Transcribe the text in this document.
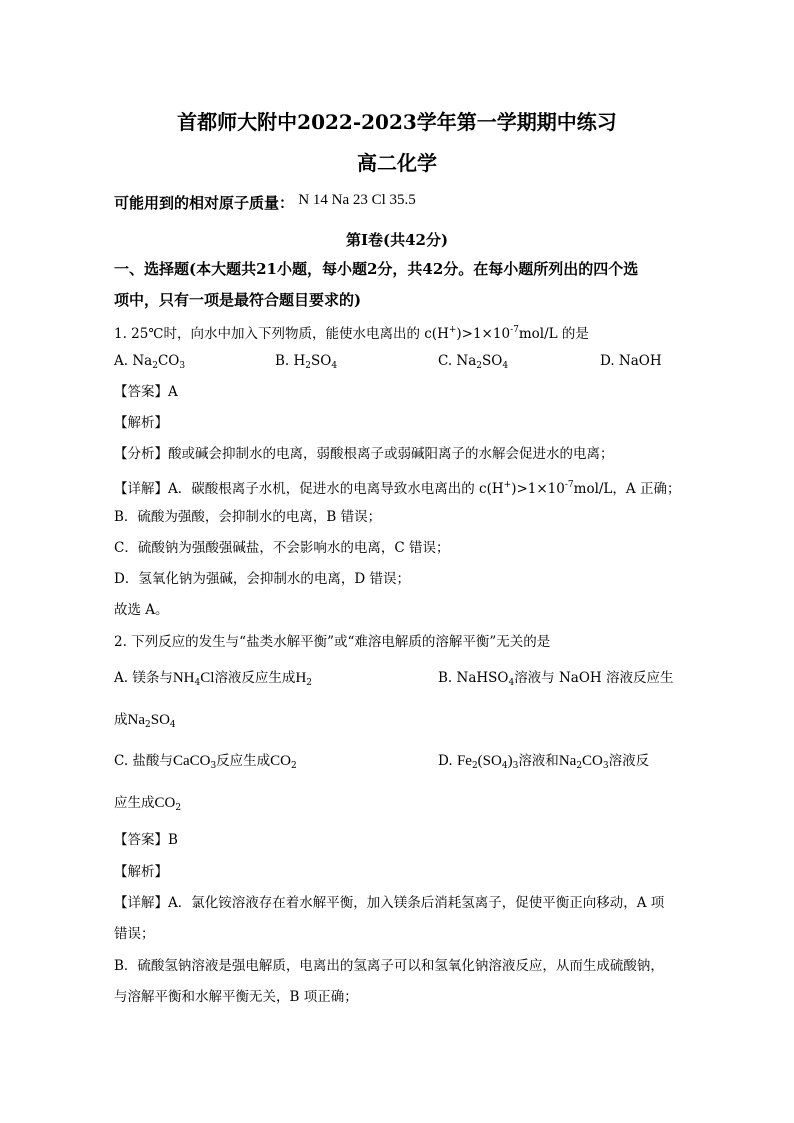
首都师大附中2022-2023学年第一学期期中练习
高二化学
可能用到的相对原子质量： N 14 Na 23 Cl 35.5
第I卷(共42分)
一、选择题(本大题共21小题，每小题2分，共42分。在每小题所列出的四个选
项中，只有一项是最符合题目要求的)
1. 25℃时，向水中加入下列物质，能使水电离出的 $c(H^+)>1\times 10^{-7}mol/L$ 的是
A. $Na_2CO_3$	B. $H_2SO_4$	C. $Na_2SO_4$	D. NaOH
【答案】A
【解析】
【分析】酸或碱会抑制水的电离，弱酸根离子或弱碱阳离子的水解会促进水的电离；
【详解】A．碳酸根离子水机，促进水的电离导致水电离出的 $c(H^+)>1\times 10^{-7}mol/L$，A 正确；
B．硫酸为强酸，会抑制水的电离，B 错误；
C．硫酸钠为强酸强碱盐，不会影响水的电离，C 错误；
D．氢氧化钠为强碱，会抑制水的电离，D 错误；
故选 A。
2. 下列反应的发生与“盐类水解平衡”或“难溶电解质的溶解平衡”无关的是
A. 镁条与$NH_4Cl$溶液反应生成$H_2$	B. NaHSO$_4$溶液与 NaOH 溶液反应生
成$Na_2SO_4$
C. 盐酸与CaCO$_3$反应生成$CO_2$	D. $Fe_2(SO_4)_3$溶液和$Na_2CO_3$溶液反
应生成$CO_2$
【答案】B
【解析】
【详解】A．氯化铵溶液存在着水解平衡，加入镁条后消耗氢离子，促使平衡正向移动，A 项
错误；
B．硫酸氢钠溶液是强电解质，电离出的氢离子可以和氢氧化钠溶液反应，从而生成硫酸钠，
与溶解平衡和水解平衡无关，B 项正确；
